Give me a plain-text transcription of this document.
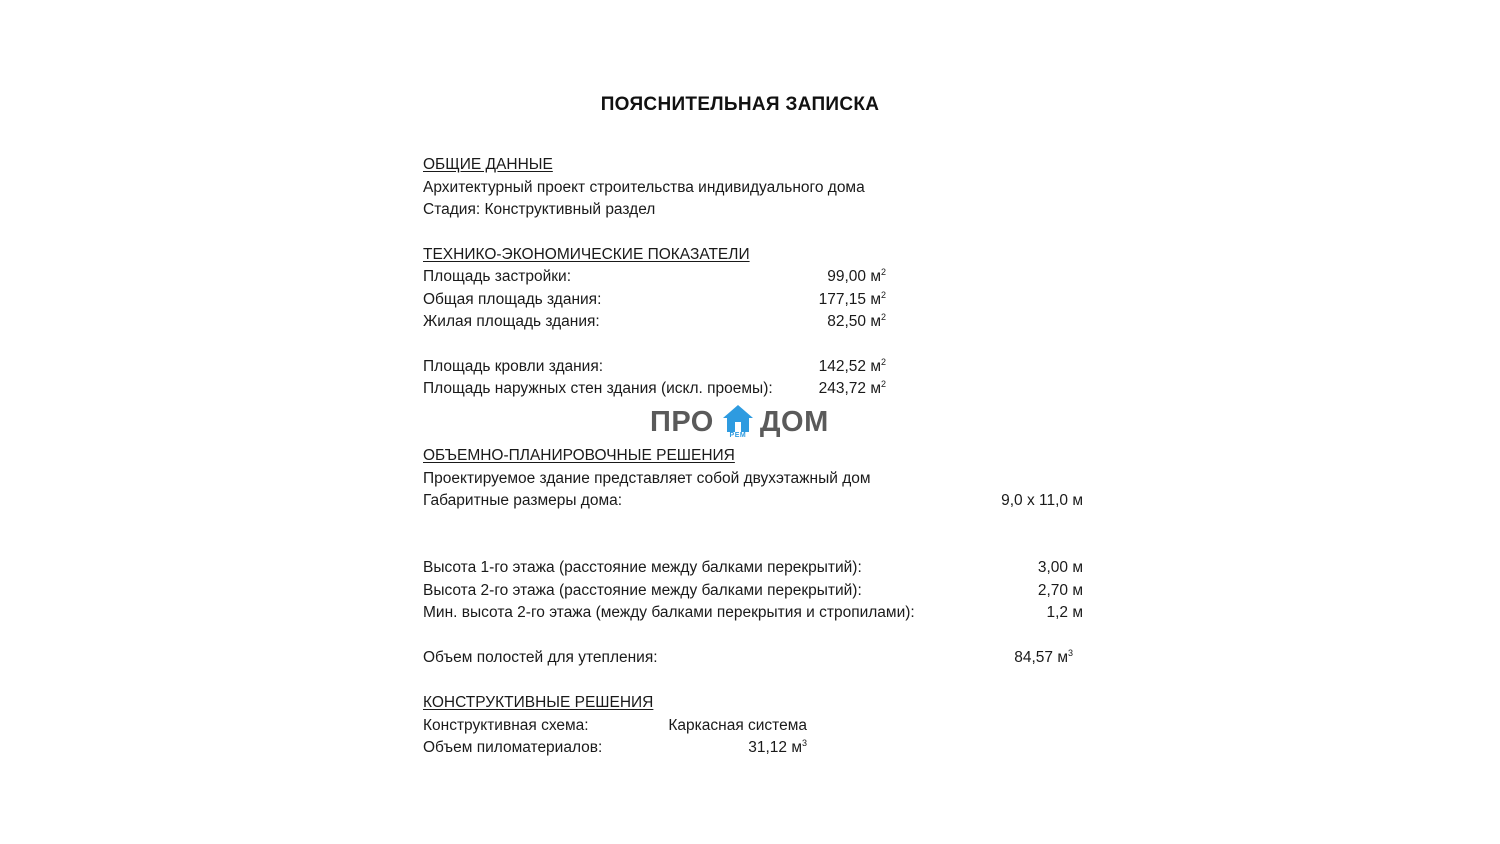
ПОЯСНИТЕЛЬНАЯ ЗАПИСКА
ОБЩИЕ ДАННЫЕ
Архитектурный проект строительства индивидуального дома
Стадия: Конструктивный раздел
ТЕХНИКО-ЭКОНОМИЧЕСКИЕ ПОКАЗАТЕЛИ
Площадь застройки:	99,00 $м^2$
Общая площадь здания:	177,15 $м^2$
Жилая площадь здания:	82,50 $м^2$
Площадь кровли здания:	142,52 $м^2$
Площадь наружных стен здания (искл. проемы):	243,72 $м^2$
ПРО	РЕМ ДОМ
ОБЪЕМНО-ПЛАНИРОВОЧНЫЕ РЕШЕНИЯ
Проектируемое здание представляет собой двухэтажный дом
Габаритные размеры дома:	9,0 х 11,0 м
Высота 1-го этажа (расстояние между балками перекрытий):	3,00 м
Высота 2-го этажа (расстояние между балками перекрытий):	2,70 м
Мин. высота 2-го этажа (между балками перекрытия и стропилами):	1,2 м
Объем полостей для утепления:	84,57 $м^3$
КОНСТРУКТИВНЫЕ РЕШЕНИЯ
Конструктивная схема:	Каркасная система
Объем пиломатериалов:	31,12 $м^3$
